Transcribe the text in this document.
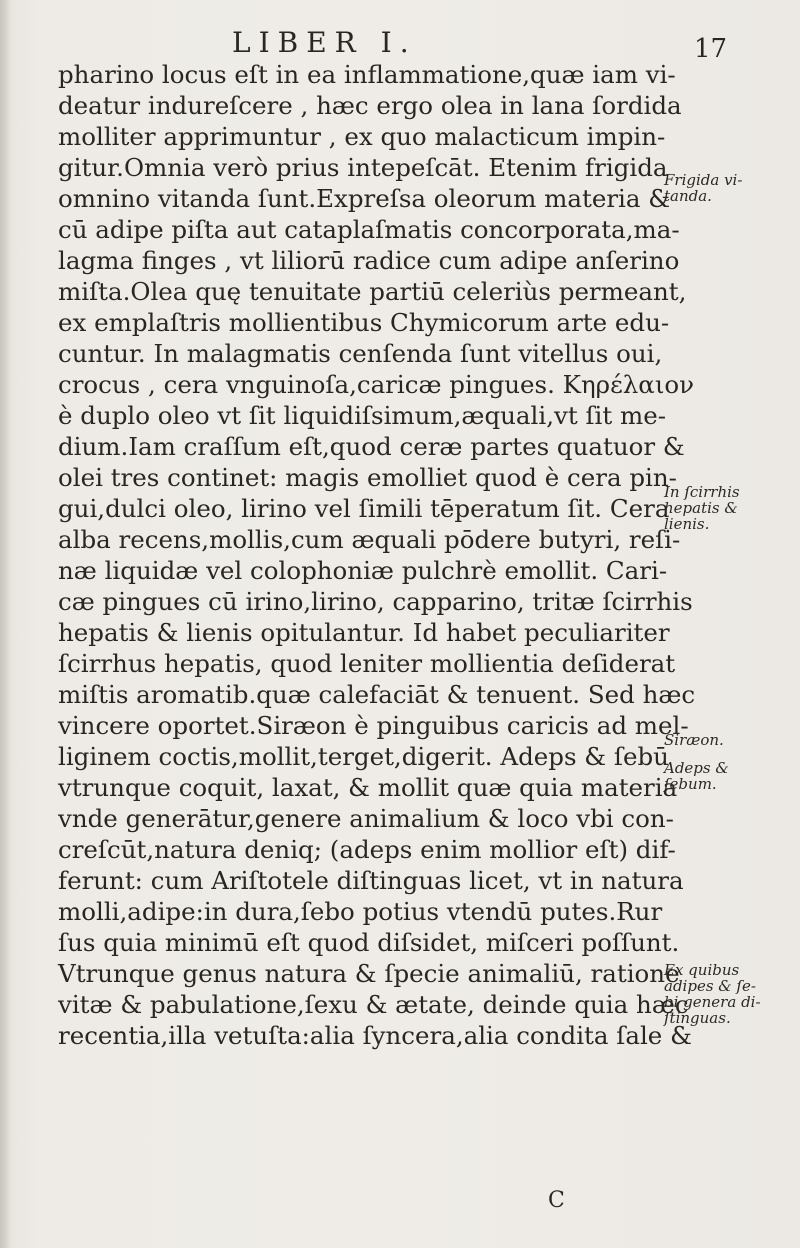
LIBER I.	17
pharino locus eſt in ea inflammatione,quæ iam vi-
deatur indureſcere , hæc ergo olea in lana ſordida
molliter apprimuntur , ex quo malacticum impin-
gitur.Omnia verò prius intepeſcāt. Etenim frigida
omnino vitanda ſunt.Expreſsa oleorum materia &
cū adipe piſta aut cataplaſmatis concorporata,ma-
lagma finges , vt liliorū radice cum adipe anſerino
miſta.Olea quę tenuitate partiū celeriùs permeant,
ex emplaſtris mollientibus Chymicorum arte edu-
cuntur. In malagmatis cenſenda ſunt vitellus oui,
crocus , cera vnguinoſa,caricæ pingues. Κηρέλαιον
è duplo oleo vt ſit liquidiſsimum,æquali,vt ſit me-
dium.Iam craſſum eſt,quod ceræ partes quatuor &
olei tres continet: magis emolliet quod è cera pin-
gui,dulci oleo, lirino vel ſimili tēperatum ſit. Cera
alba recens,mollis,cum æquali pōdere butyri, reſi-
næ liquidæ vel colophoniæ pulchrè emollit. Cari-
cæ pingues cū irino,lirino, capparino, tritæ ſcirrhis
hepatis & lienis opitulantur. Id habet peculiariter
ſcirrhus hepatis, quod leniter mollientia deſiderat
miſtis aromatib.quæ calefaciāt & tenuent. Sed hæc
vincere oportet.Siræon è pinguibus caricis ad mel-
liginem coctis,mollit,terget,digerit. Adeps & ſebū
vtrunque coquit, laxat, & mollit quæ quia materia
vnde generātur,genere animalium & loco vbi con-
creſcūt,natura deniq; (adeps enim mollior eſt) dif-
ferunt: cum Ariſtotele diſtinguas licet, vt in natura
molli,adipe:in dura,ſebo potius vtendū putes.Rur
ſus quia minimū eſt quod diſsidet, miſceri poſſunt.
Vtrunque genus natura & ſpecie animaliū, ratione
vitæ & pabulatione,ſexu & ætate, deinde quia hæc
recentia,illa vetuſta:alia ſyncera,alia condita ſale &
Frigida vi-
tanda.
In ſcirrhis
hepatis &
lienis.
Siræon.
Adeps &
ſebum.
Ex quibus
adipes & ſe-
bi genera di-
ſtinguas.
C
